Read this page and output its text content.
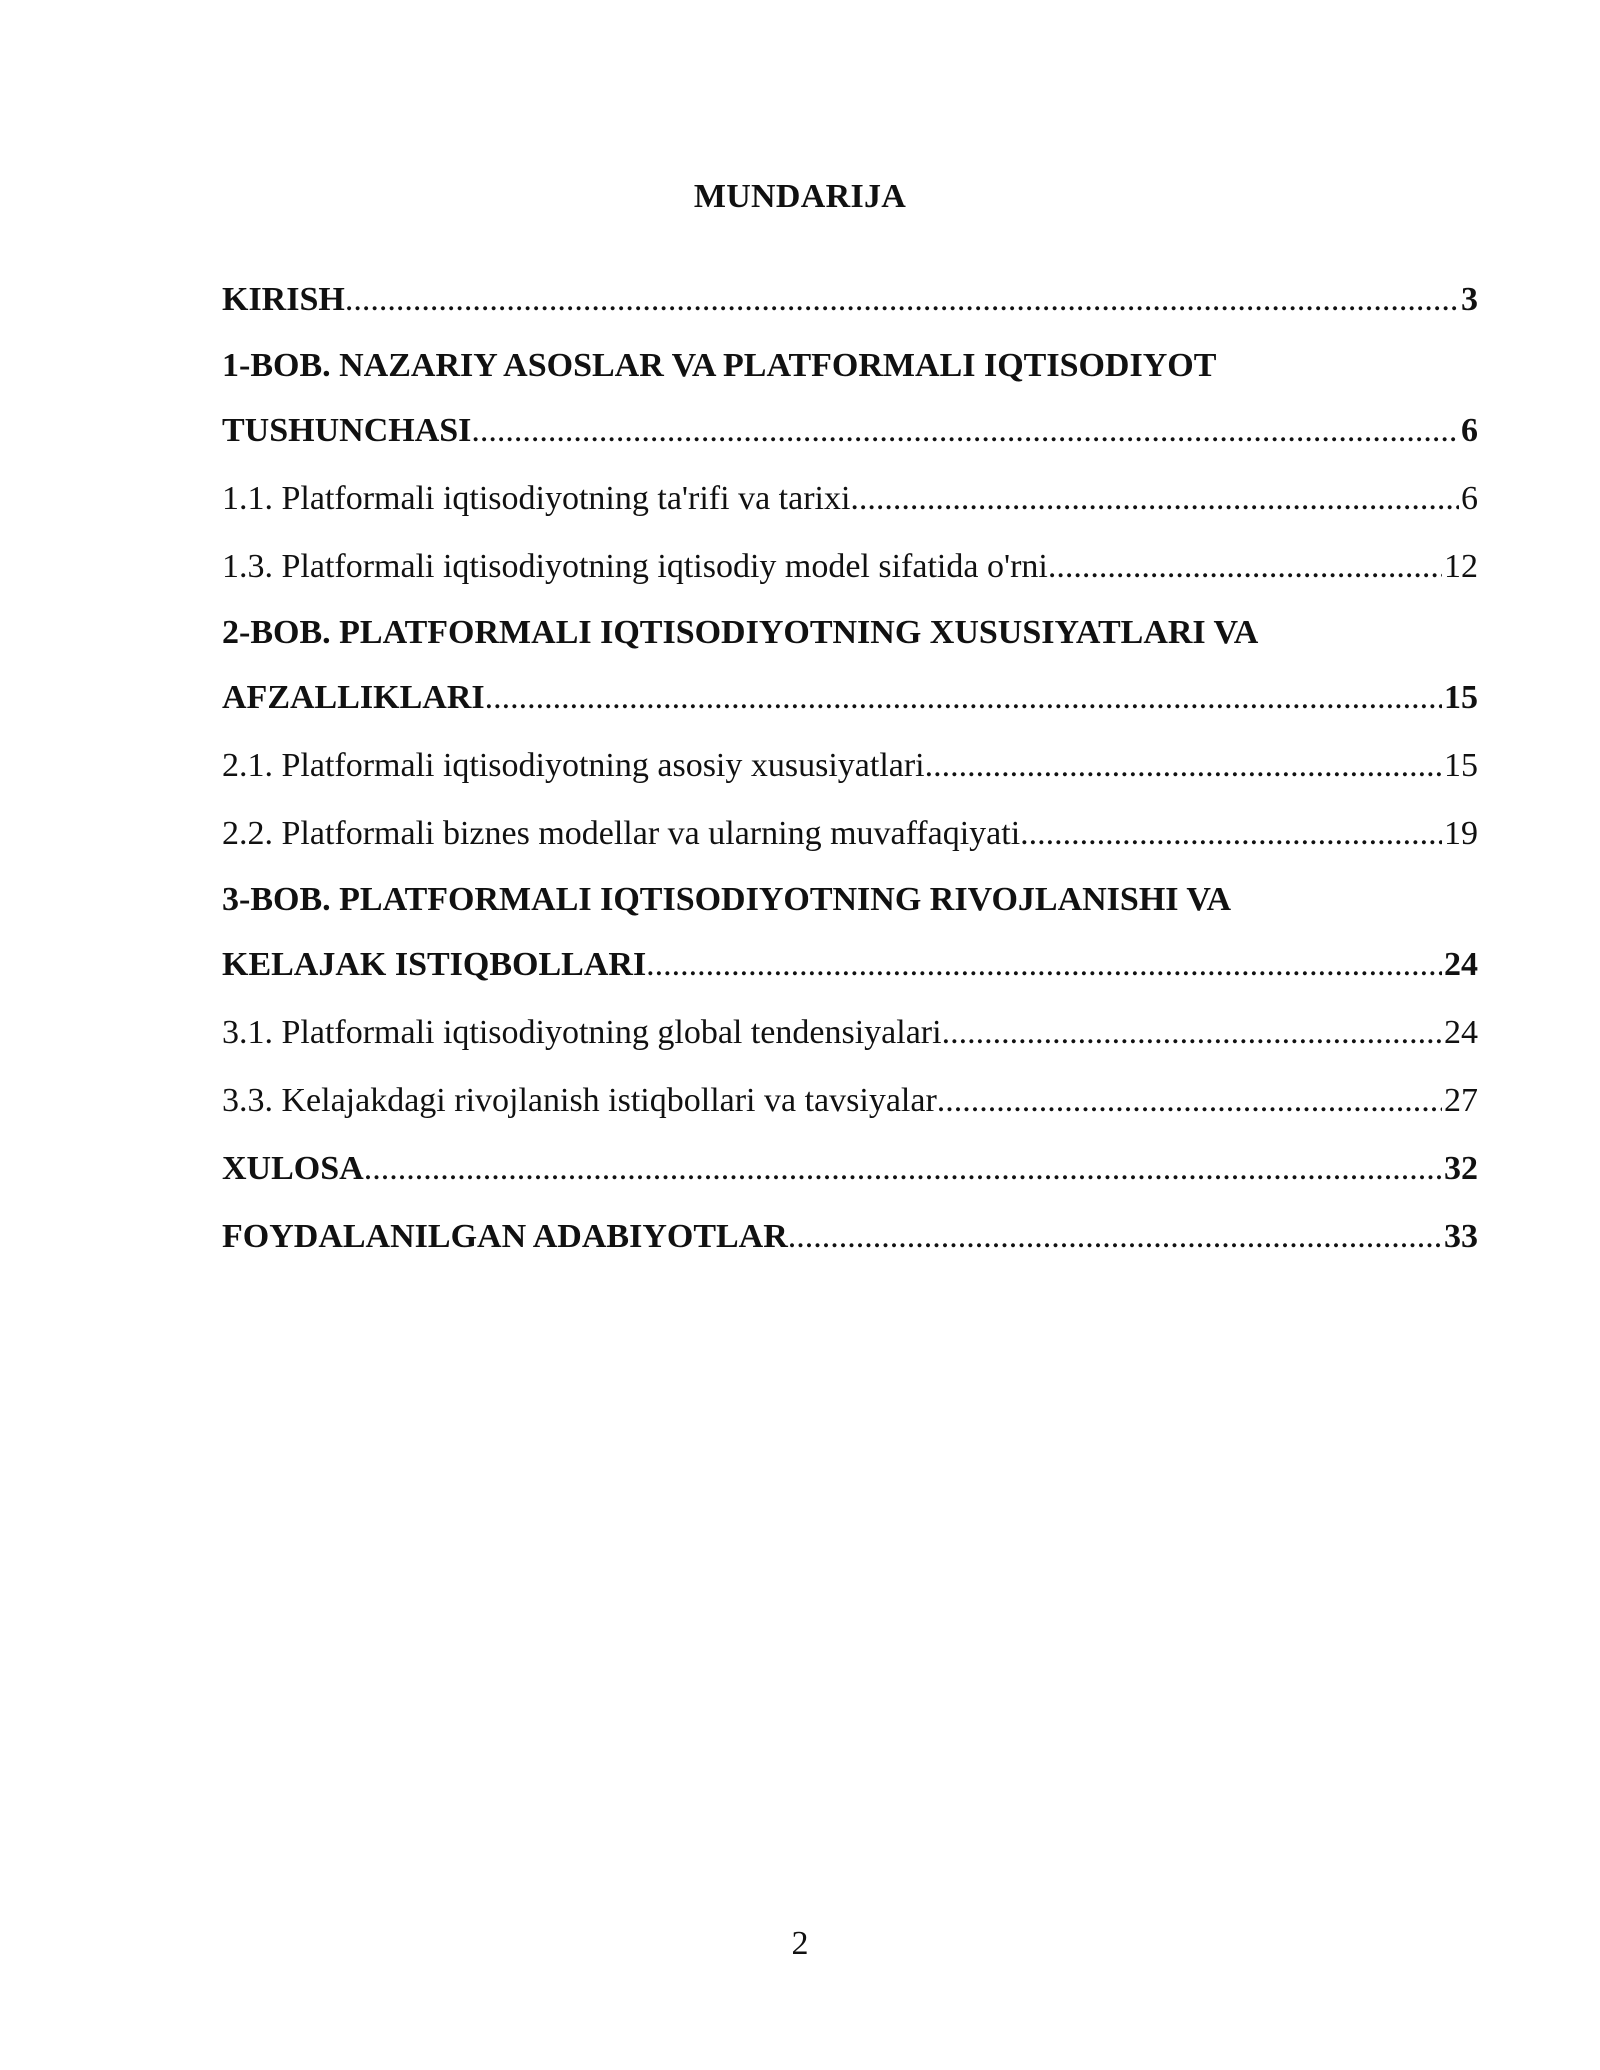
MUNDARIJA
KIRISH .....	3
1-BOB. NAZARIY ASOSLAR VA PLATFORMALI IQTISODIYOT
TUSHUNCHASI .....	6
1.1. Platformali iqtisodiyotning ta'rifi va tarixi .....	6
1.3. Platformali iqtisodiyotning iqtisodiy model sifatida o'rni .....	12
2-BOB. PLATFORMALI IQTISODIYOTNING XUSUSIYATLARI VA
AFZALLIKLARI .....	15
2.1. Platformali iqtisodiyotning asosiy xususiyatlari .....	15
2.2. Platformali biznes modellar va ularning muvaffaqiyati .....	19
3-BOB. PLATFORMALI IQTISODIYOTNING RIVOJLANISHI VA
KELAJAK ISTIQBOLLARI .....	24
3.1. Platformali iqtisodiyotning global tendensiyalari .....	24
3.3. Kelajakdagi rivojlanish istiqbollari va tavsiyalar .....	27
XULOSA .....	32
FOYDALANILGAN ADABIYOTLAR .....	33
2
